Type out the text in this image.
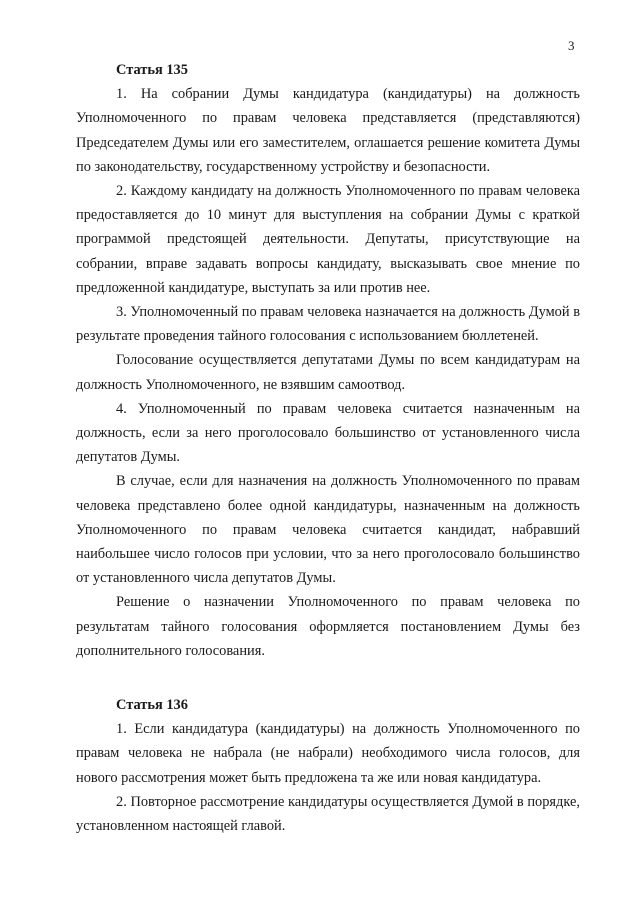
3

Статья 135

1. На собрании Думы кандидатура (кандидатуры) на должность Уполномоченного по правам человека представляется (представляются) Председателем Думы или его заместителем, оглашается решение комитета Думы по законодательству, государственному устройству и безопасности.

2. Каждому кандидату на должность Уполномоченного по правам человека предоставляется до 10 минут для выступления на собрании Думы с краткой программой предстоящей деятельности. Депутаты, присутствующие на собрании, вправе задавать вопросы кандидату, высказывать свое мнение по предложенной кандидатуре, выступать за или против нее.

3. Уполномоченный по правам человека назначается на должность Думой в результате проведения тайного голосования с использованием бюллетеней.

Голосование осуществляется депутатами Думы по всем кандидатурам на должность Уполномоченного, не взявшим самоотвод.

4. Уполномоченный по правам человека считается назначенным на должность, если за него проголосовало большинство от установленного числа депутатов Думы.

В случае, если для назначения на должность Уполномоченного по правам человека представлено более одной кандидатуры, назначенным на должность Уполномоченного по правам человека считается кандидат, набравший наибольшее число голосов при условии, что за него проголосовало большинство от установленного числа депутатов Думы.

Решение о назначении Уполномоченного по правам человека по результатам тайного голосования оформляется постановлением Думы без дополнительного голосования.

Статья 136

1. Если кандидатура (кандидатуры) на должность Уполномоченного по правам человека не набрала (не набрали) необходимого числа голосов, для нового рассмотрения может быть предложена та же или новая кандидатура.

2. Повторное рассмотрение кандидатуры осуществляется Думой в порядке, установленном настоящей главой.
